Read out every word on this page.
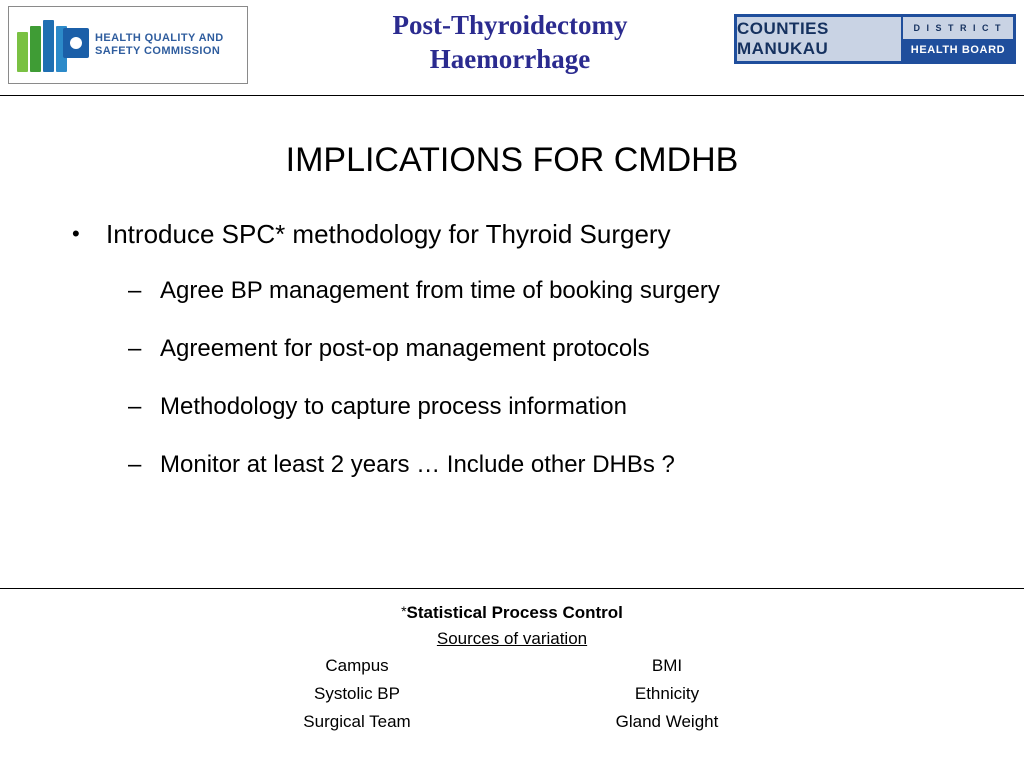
HEALTH QUALITY AND
SAFETY COMMISSION
Post-Thyroidectomy
Haemorrhage
COUNTIES MANUKAU
D I S T R I C T
HEALTH BOARD
IMPLICATIONS FOR CMDHB
•	Introduce SPC* methodology for Thyroid Surgery
– Agree BP management from time of booking surgery
– Agreement for post-op management protocols
– Methodology to capture process information
– Monitor at least 2 years … Include other DHBs ?
*Statistical Process Control
Sources of variation
Campus	BMI
Systolic BP	Ethnicity
Surgical Team	Gland Weight
